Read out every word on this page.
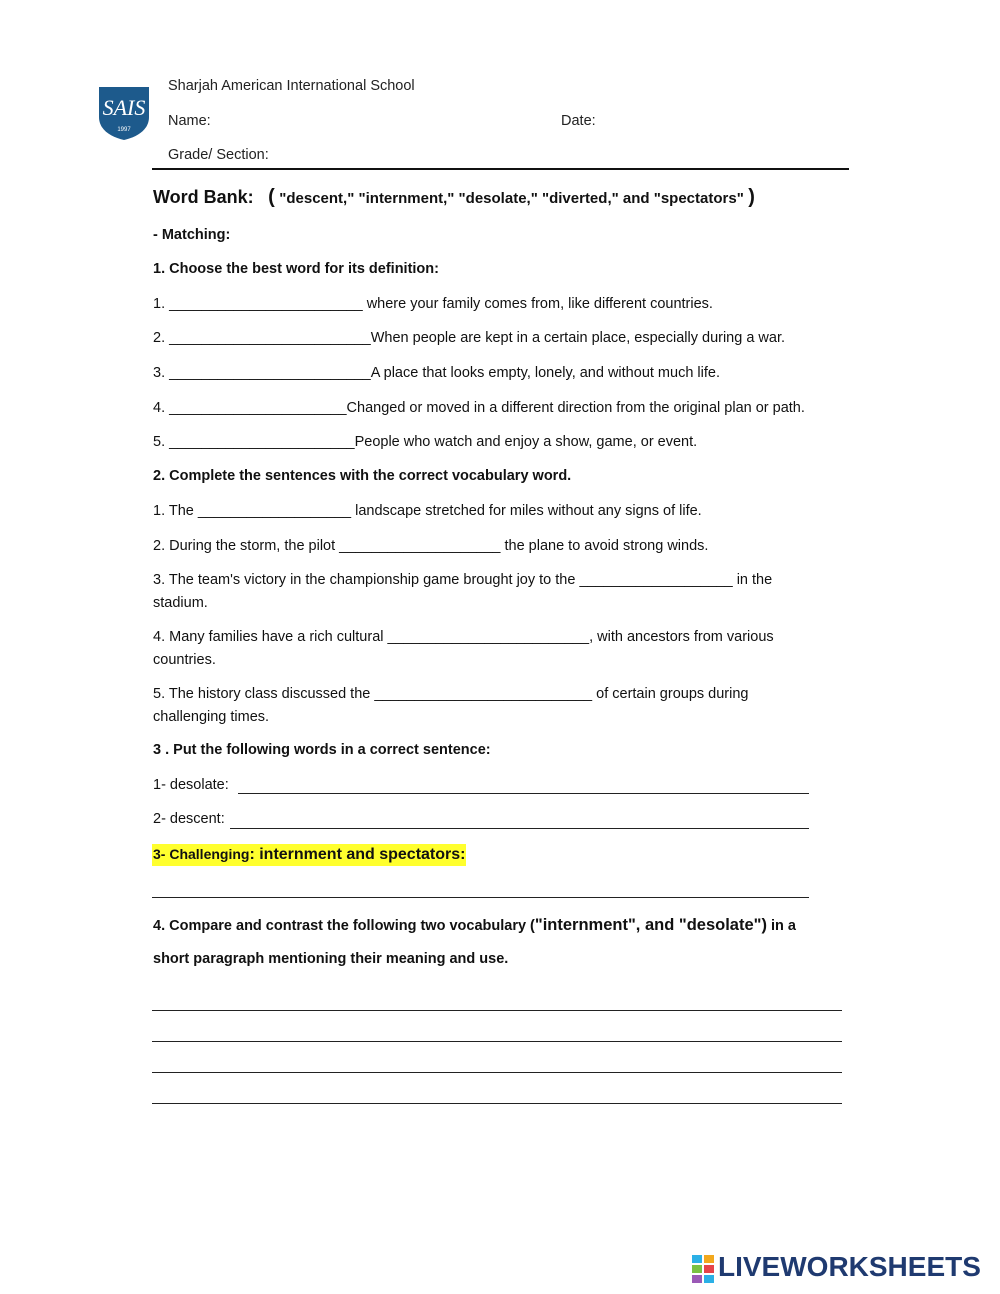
SAIS
1997
Sharjah American International School
Name:	Date:
Grade/ Section:
Word Bank: ( "descent," "internment," "desolate," "diverted," and "spectators" )
- Matching:
1. Choose the best word for its definition:
1. ________________________ where your family comes from, like different countries.
2. _________________________When people are kept in a certain place, especially during a war.
3. _________________________A place that looks empty, lonely, and without much life.
4. ______________________Changed or moved in a different direction from the original plan or path.
5. _______________________People who watch and enjoy a show, game, or event.
2. Complete the sentences with the correct vocabulary word.
1. The ___________________ landscape stretched for miles without any signs of life.
2. During the storm, the pilot ____________________ the plane to avoid strong winds.
3. The team's victory in the championship game brought joy to the ___________________ in the
stadium.
4. Many families have a rich cultural _________________________, with ancestors from various
countries.
5. The history class discussed the ___________________________ of certain groups during
challenging times.
3 . Put the following words in a correct sentence:
1- desolate:
2- descent:
3- Challenging: internment and spectators:
4. Compare and contrast the following two vocabulary ("internment", and "desolate") in a
short paragraph mentioning their meaning and use.
LIVEWORKSHEETS
